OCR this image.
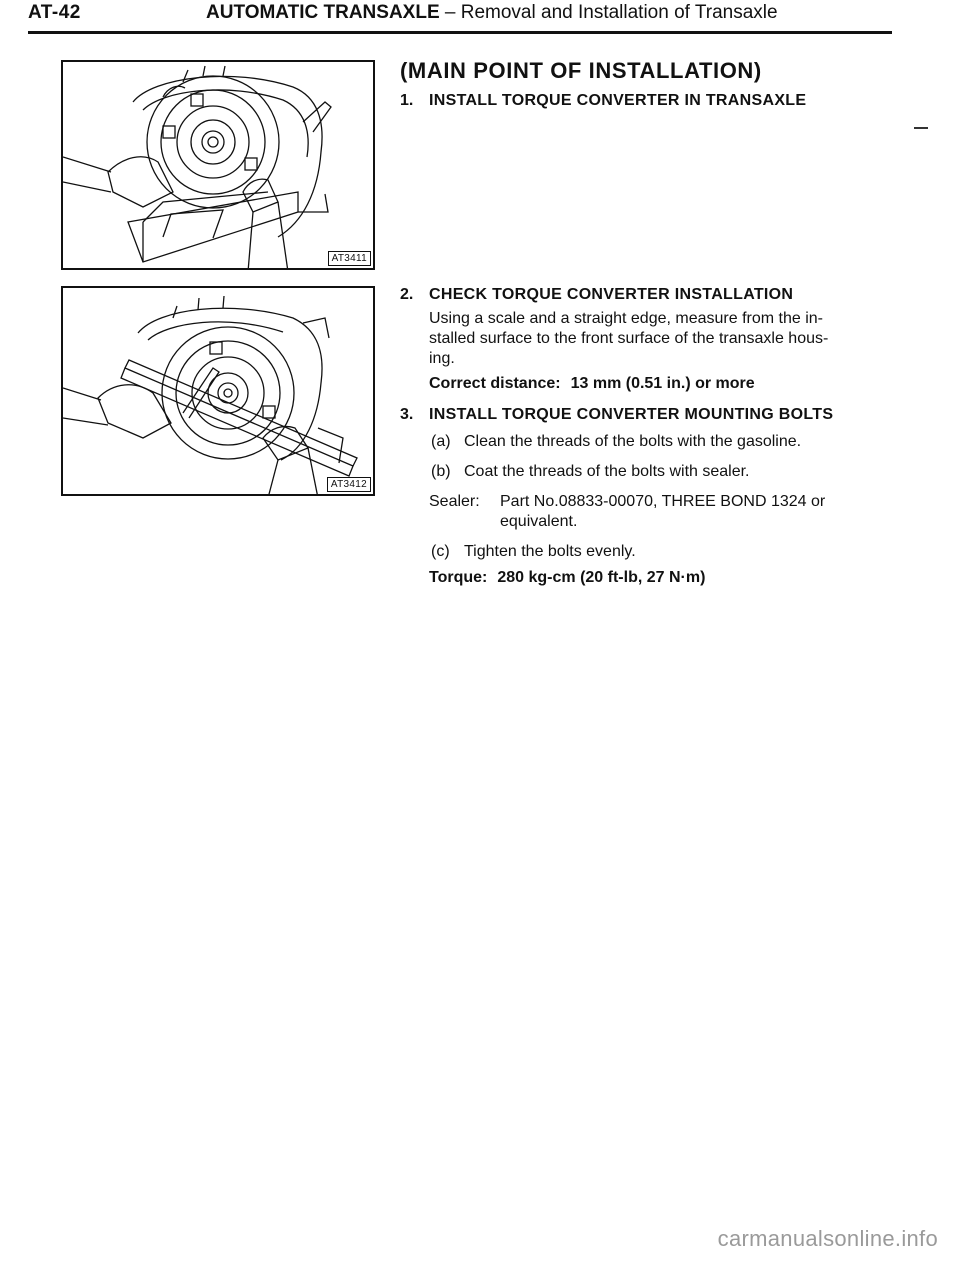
AT-42	AUTOMATIC TRANSAXLE – Removal and Installation of Transaxle
AT3411
AT3412
(MAIN POINT OF INSTALLATION)
1. INSTALL TORQUE CONVERTER IN TRANSAXLE
2. CHECK TORQUE CONVERTER INSTALLATION
Using a scale and a straight edge, measure from the in-
stalled surface to the front surface of the transaxle hous-
ing.
Correct distance: 13 mm (0.51 in.) or more
3. INSTALL TORQUE CONVERTER MOUNTING BOLTS
(a) Clean the threads of the bolts with the gasoline.
(b) Coat the threads of the bolts with sealer.
Sealer: Part No.08833-00070, THREE BOND 1324 or
equivalent.
(c) Tighten the bolts evenly.
Torque: 280 kg-cm (20 ft-lb, 27 N·m)
carmanualsonline.info
